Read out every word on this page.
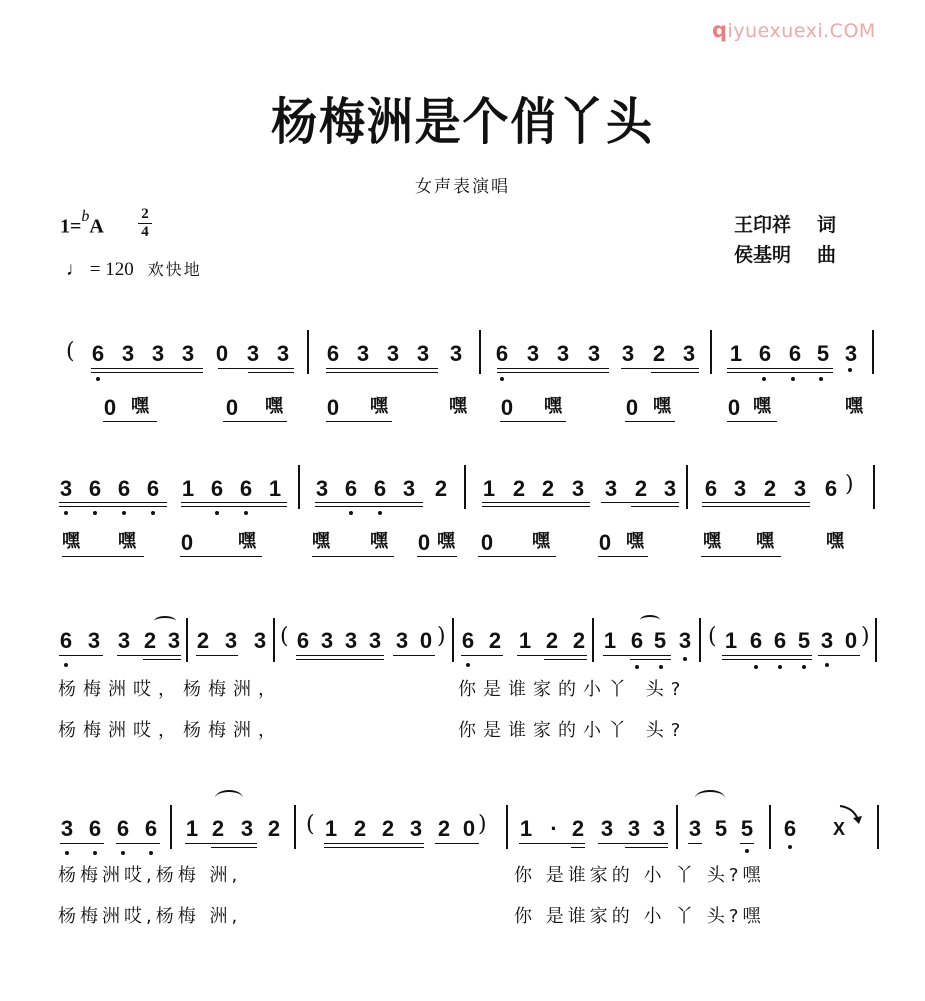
qiyuexuexi.COM
杨梅洲是个俏丫头
女声表演唱
1=$^b$A
2
4
♩ = 120 欢快地
王印祥 词
侯基明 曲
( 6 3 3 3 0 3 3 6 3 3 3 3 6 3 3 3 3 2 3 1 6 6 5 3
0 嘿	0 嘿 0 嘿	嘿 0 嘿	0 嘿	0 嘿	嘿
3 6 6 6 1 6 6 1 3 6 6 3 2 1 2 2 3 3 2 3 6 3 2 3 6 )
嘿 嘿 0 嘿	嘿 嘿 0 嘿 0 嘿 0 嘿	嘿 嘿	嘿
6 3 3 2 3 2 3 3 ( 6 3 3 3 3 0 ) 6 2 1 2 2 1 6 5 3 ( 1 6 6 5 3 0 )
杨梅洲哎，杨梅洲，	你是谁家的小丫 头?
杨梅洲哎，杨梅洲，	你是谁家的小丫 头?
3 6 6 6 1 2 3 2 ( 1 2 2 3 2 0 ) 1 · 2 3 3 3 3 5 5 6 X
杨梅洲哎,杨梅 洲,	你 是谁家的 小 丫 头?嘿
杨梅洲哎,杨梅 洲,	你 是谁家的 小 丫 头?嘿
